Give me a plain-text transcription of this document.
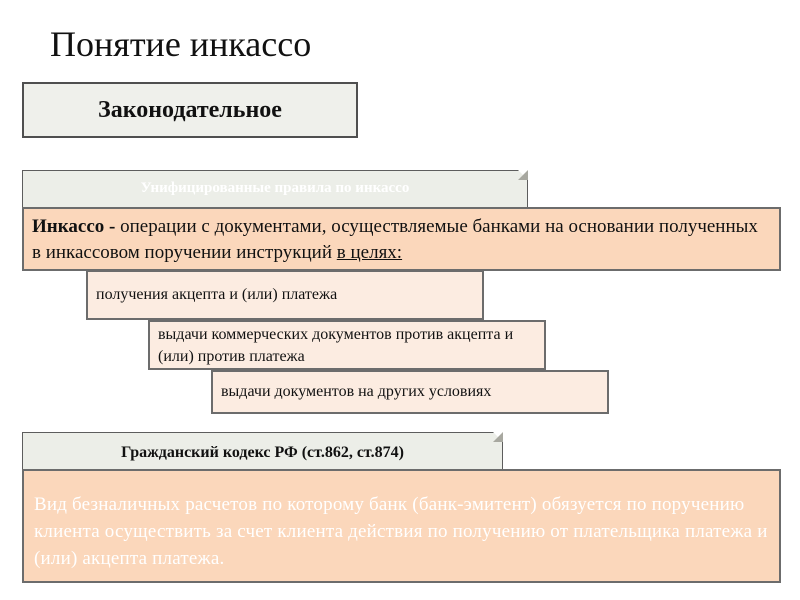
Понятие инкассо
Законодательное
Унифицированные правила по инкассо
Инкассо - операции с документами, осуществляемые банками на основании полученных в инкассовом поручении инструкций в целях:
получения акцепта и (или) платежа
выдачи коммерческих документов против акцепта и (или) против платежа
выдачи документов на других условиях
Гражданский кодекс РФ (ст.862, ст.874)
Вид безналичных расчетов по которому банк (банк-эмитент) обязуется по поручению клиента осуществить за счет клиента действия по получению от плательщика платежа и (или) акцепта платежа.
